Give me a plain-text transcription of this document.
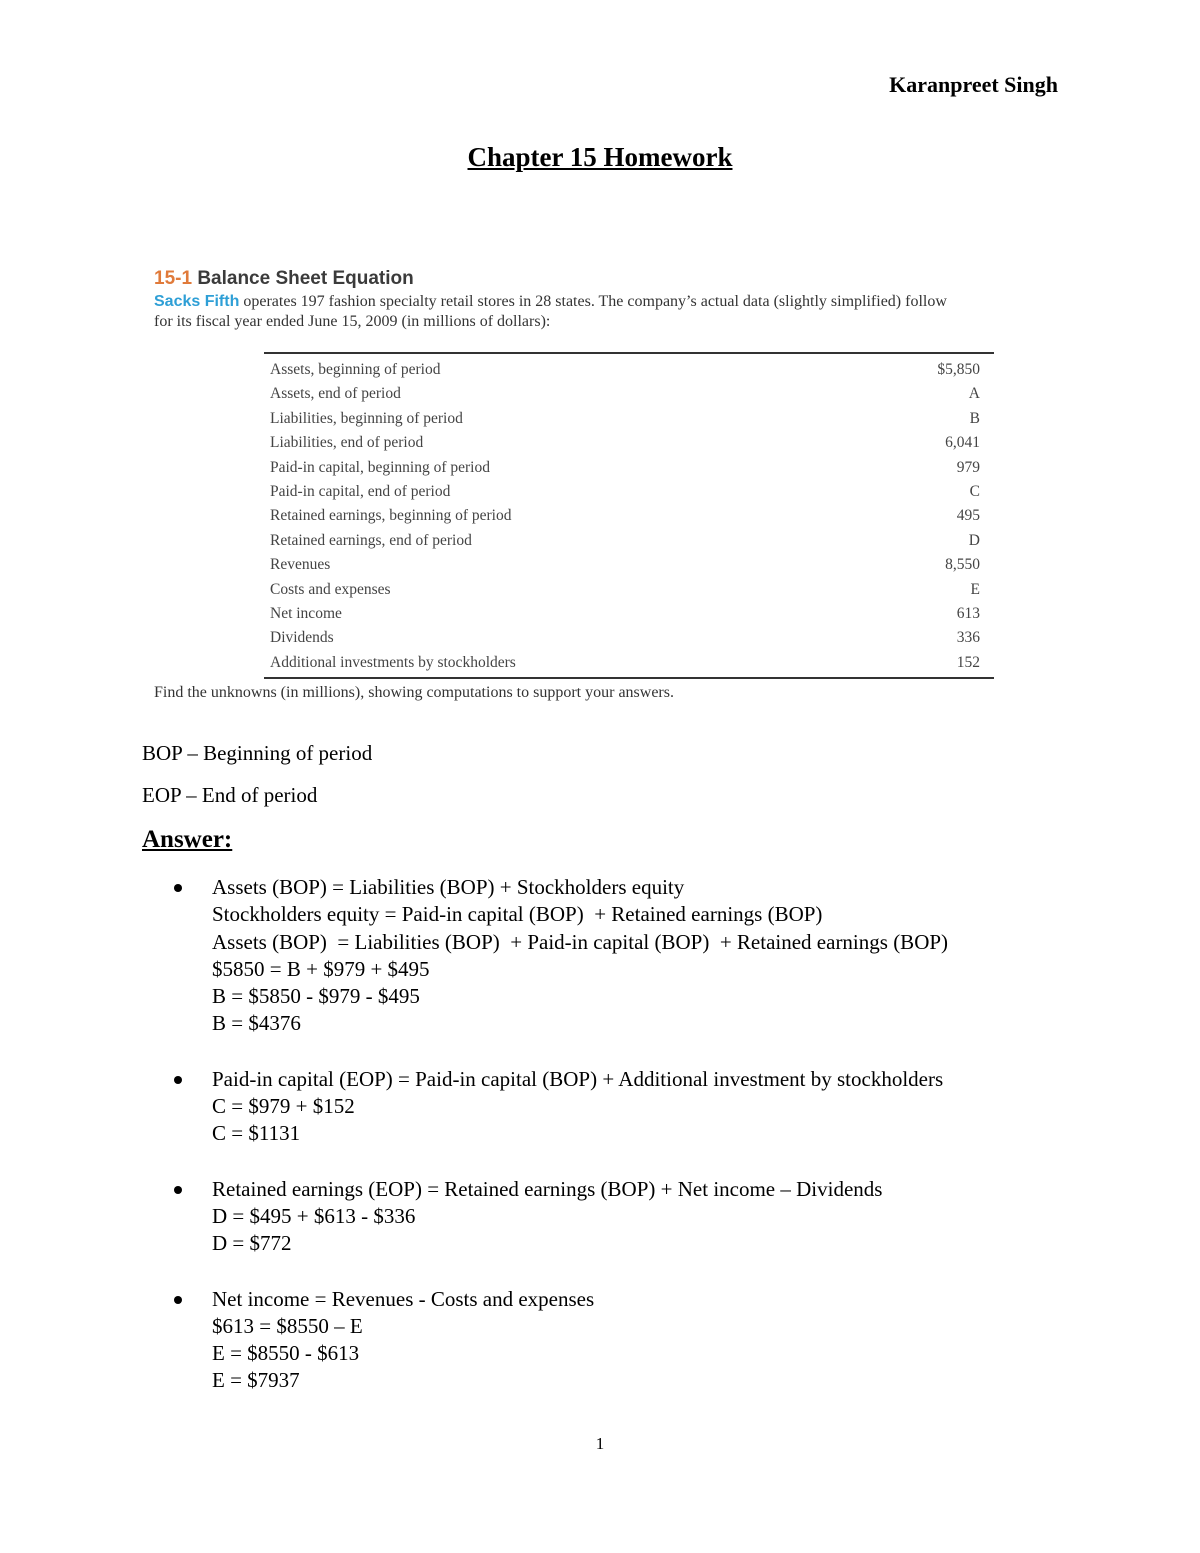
Karanpreet Singh
Chapter 15 Homework

15-1 Balance Sheet Equation

Sacks Fifth operates 197 fashion specialty retail stores in 28 states. The company’s actual data (slightly simplified) follow
for its fiscal year ended June 15, 2009 (in millions of dollars):

Assets, beginning of period	$5,850
Assets, end of period	A
Liabilities, beginning of period	B
Liabilities, end of period	6,041
Paid-in capital, beginning of period	979
Paid-in capital, end of period	C
Retained earnings, beginning of period	495
Retained earnings, end of period	D
Revenues	8,550
Costs and expenses	E
Net income	613
Dividends	336
Additional investments by stockholders	152
Find the unknowns (in millions), showing computations to support your answers.

BOP – Beginning of period

EOP – End of period

Answer:
Assets (BOP) = Liabilities (BOP) + Stockholders equity
Stockholders equity = Paid-in capital (BOP)  + Retained earnings (BOP)
Assets (BOP)  = Liabilities (BOP)  + Paid-in capital (BOP)  + Retained earnings (BOP)
$5850 = B + $979 + $495
B = $5850 - $979 - $495
B = $4376
Paid-in capital (EOP) = Paid-in capital (BOP) + Additional investment by stockholders
C = $979 + $152
C = $1131
Retained earnings (EOP) = Retained earnings (BOP) + Net income – Dividends
D = $495 + $613 - $336
D = $772
Net income = Revenues - Costs and expenses
$613 = $8550 – E
E = $8550 - $613
E = $7937
1
